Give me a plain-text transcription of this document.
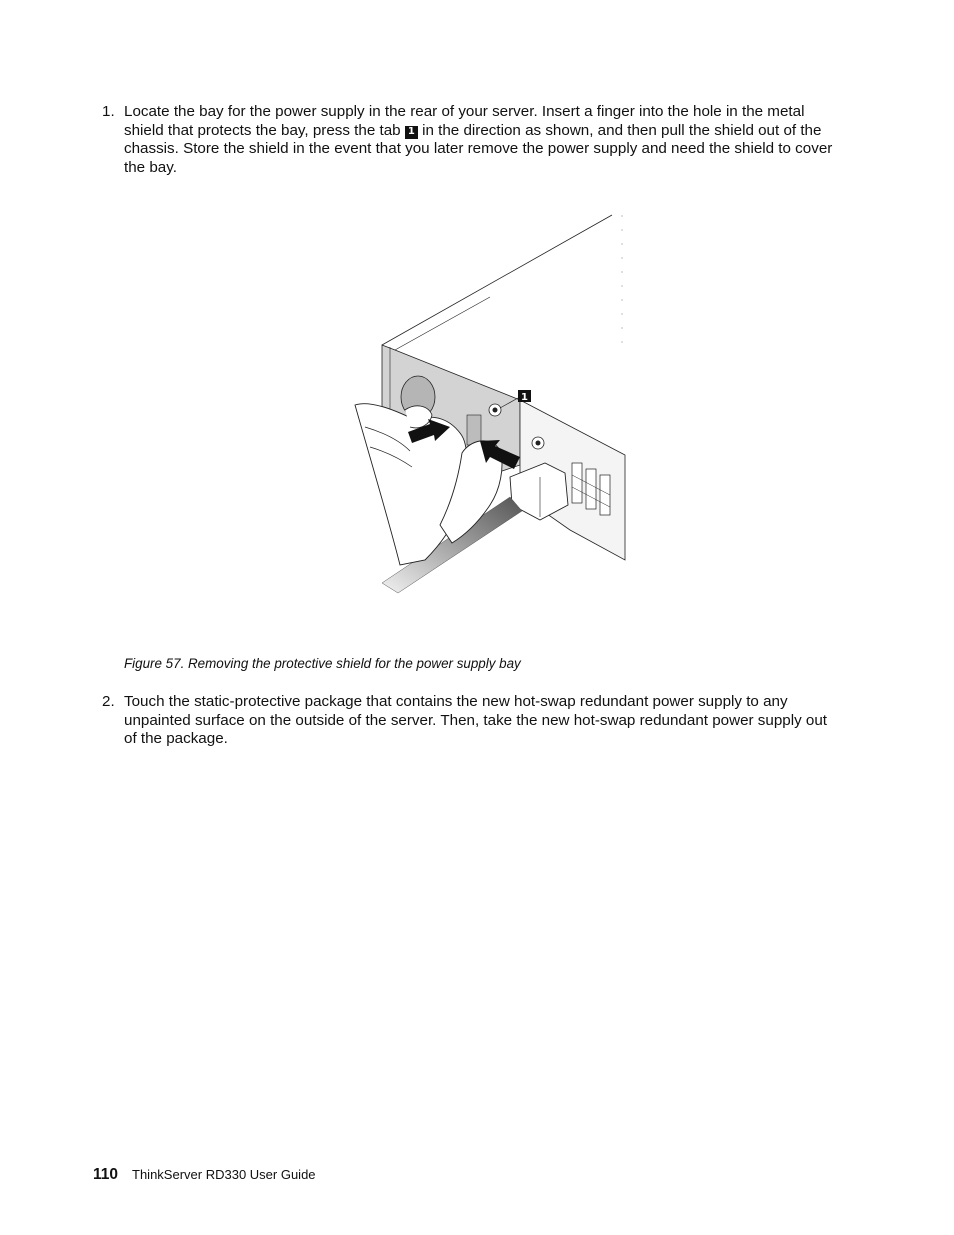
1. Locate the bay for the power supply in the rear of your server. Insert a finger into the hole in the metal shield that protects the bay, press the tab 1 in the direction as shown, and then pull the shield out of the chassis. Store the shield in the event that you later remove the power supply and need the shield to cover the bay.
1
Figure 57. Removing the protective shield for the power supply bay
2. Touch the static-protective package that contains the new hot-swap redundant power supply to any unpainted surface on the outside of the server. Then, take the new hot-swap redundant power supply out of the package.
110 ThinkServer RD330 User Guide
